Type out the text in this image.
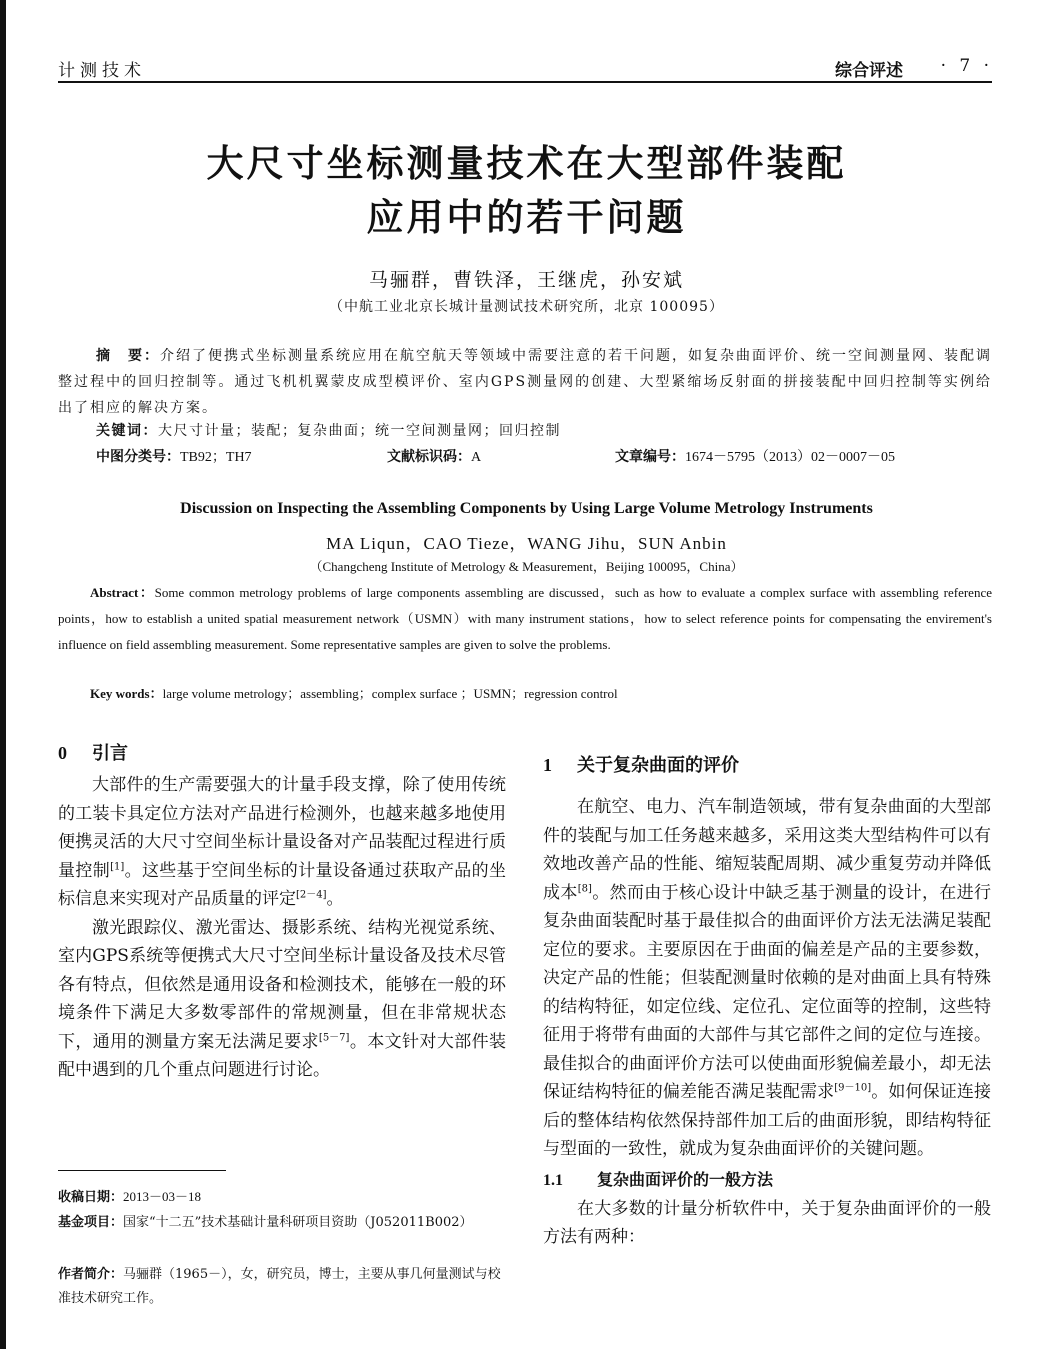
计测技术	综合评述 · 7 ·
大尺寸坐标测量技术在大型部件装配
应用中的若干问题
马骊群，曹铁泽，王继虎，孙安斌
（中航工业北京长城计量测试技术研究所，北京 100095）
摘　要：介绍了便携式坐标测量系统应用在航空航天等领域中需要注意的若干问题，如复杂曲面评价、统一空间测量网、装配调整过程中的回归控制等。通过飞机机翼蒙皮成型模评价、室内GPS测量网的创建、大型紧缩场反射面的拼接装配中回归控制等实例给出了相应的解决方案。
关键词：大尺寸计量；装配；复杂曲面；统一空间测量网；回归控制
中图分类号：TB92；TH7	文献标识码：A	文章编号：1674－5795（2013）02－0007－05
Discussion on Inspecting the Assembling Components by Using Large Volume Metrology Instruments
MA Liqun，CAO Tieze，WANG Jihu，SUN Anbin
（Changcheng Institute of Metrology & Measurement，Beijing 100095，China）
Abstract：Some common metrology problems of large components assembling are discussed，such as how to evaluate a complex surface with assembling reference points，how to establish a united spatial measurement network（USMN）with many instrument stations，how to select reference points for compensating the envirement's influence on field assembling measurement. Some representative samples are given to solve the problems.
Key words：large volume metrology；assembling；complex surface ；USMN；regression control
0 引言

大部件的生产需要强大的计量手段支撑，除了使用传统的工装卡具定位方法对产品进行检测外，也越来越多地使用便携灵活的大尺寸空间坐标计量设备对产品装配过程进行质量控制[1]。这些基于空间坐标的计量设备通过获取产品的坐标信息来实现对产品质量的评定[2－4]。

激光跟踪仪、激光雷达、摄影系统、结构光视觉系统、室内GPS系统等便携式大尺寸空间坐标计量设备及技术尽管各有特点，但依然是通用设备和检测技术，能够在一般的环境条件下满足大多数零部件的常规测量，但在非常规状态下，通用的测量方案无法满足要求[5－7]。本文针对大部件装配中遇到的几个重点问题进行讨论。

收稿日期：2013－03－18
基金项目：国家“十二五”技术基础计量科研项目资助（J052011B002）
作者简介：马骊群（1965－），女，研究员，博士，主要从事几何量测试与校准技术研究工作。
1 关于复杂曲面的评价

在航空、电力、汽车制造领域，带有复杂曲面的大型部件的装配与加工任务越来越多，采用这类大型结构件可以有效地改善产品的性能、缩短装配周期、减少重复劳动并降低成本[8]。然而由于核心设计中缺乏基于测量的设计，在进行复杂曲面装配时基于最佳拟合的曲面评价方法无法满足装配定位的要求。主要原因在于曲面的偏差是产品的主要参数，决定产品的性能；但装配测量时依赖的是对曲面上具有特殊的结构特征，如定位线、定位孔、定位面等的控制，这些特征用于将带有曲面的大部件与其它部件之间的定位与连接。最佳拟合的曲面评价方法可以使曲面形貌偏差最小，却无法保证结构特征的偏差能否满足装配需求[9－10]。如何保证连接后的整体结构依然保持部件加工后的曲面形貌，即结构特征与型面的一致性，就成为复杂曲面评价的关键问题。

1.1 复杂曲面评价的一般方法

在大多数的计量分析软件中，关于复杂曲面评价的一般方法有两种：
